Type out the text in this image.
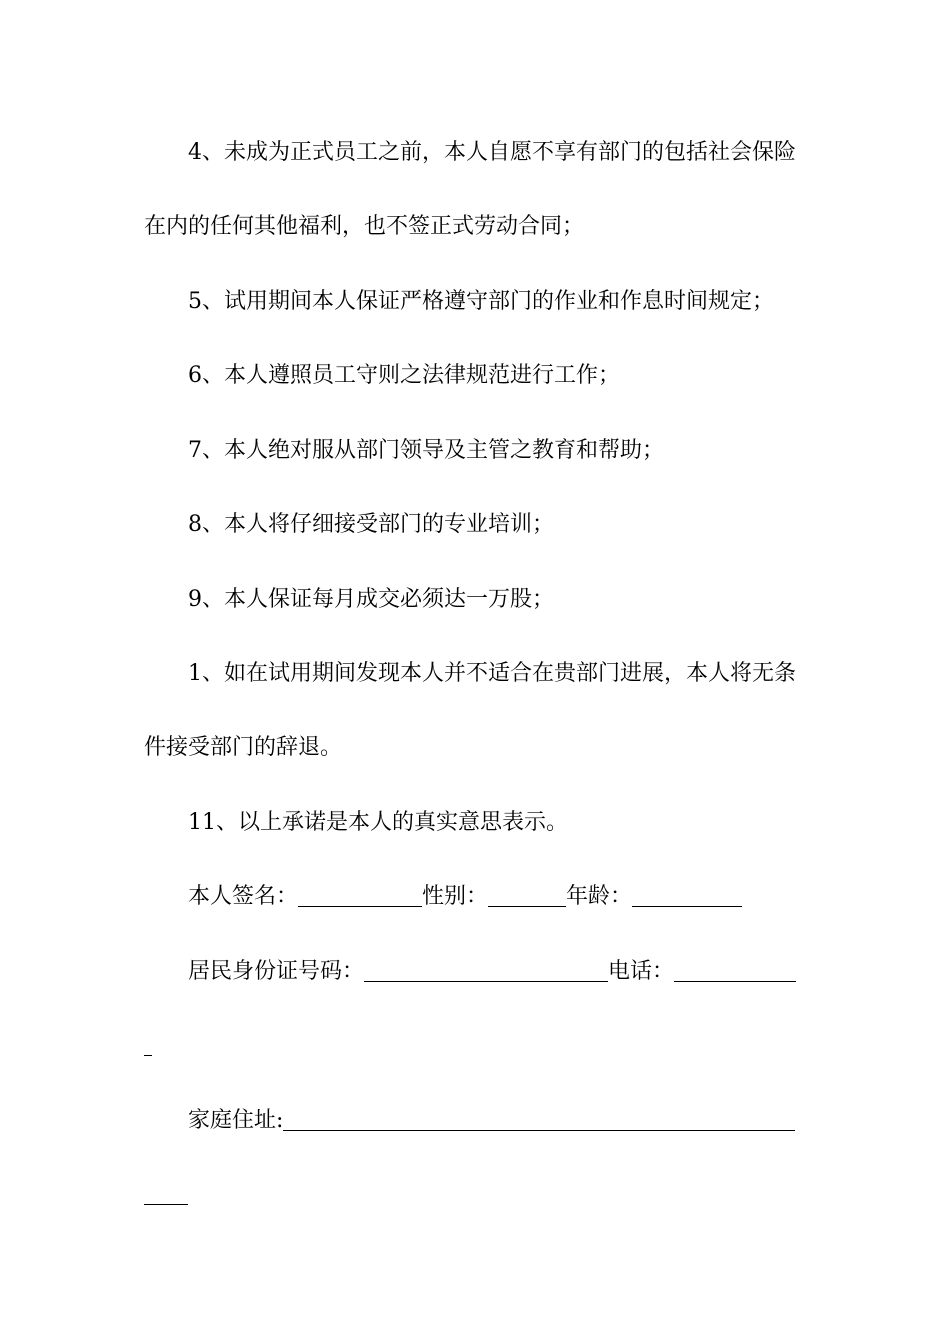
4、未成为正式员工之前，本人自愿不享有部门的包括社会保险
在内的任何其他福利，也不签正式劳动合同；
5、试用期间本人保证严格遵守部门的作业和作息时间规定；
6、本人遵照员工守则之法律规范进行工作；
7、本人绝对服从部门领导及主管之教育和帮助；
8、本人将仔细接受部门的专业培训；
9、本人保证每月成交必须达一万股；
1、如在试用期间发现本人并不适合在贵部门进展，本人将无条
件接受部门的辞退。
11、以上承诺是本人的真实意思表示。
本人签名：	性别：	年龄：
居民身份证号码：	电话：
家庭住址:
